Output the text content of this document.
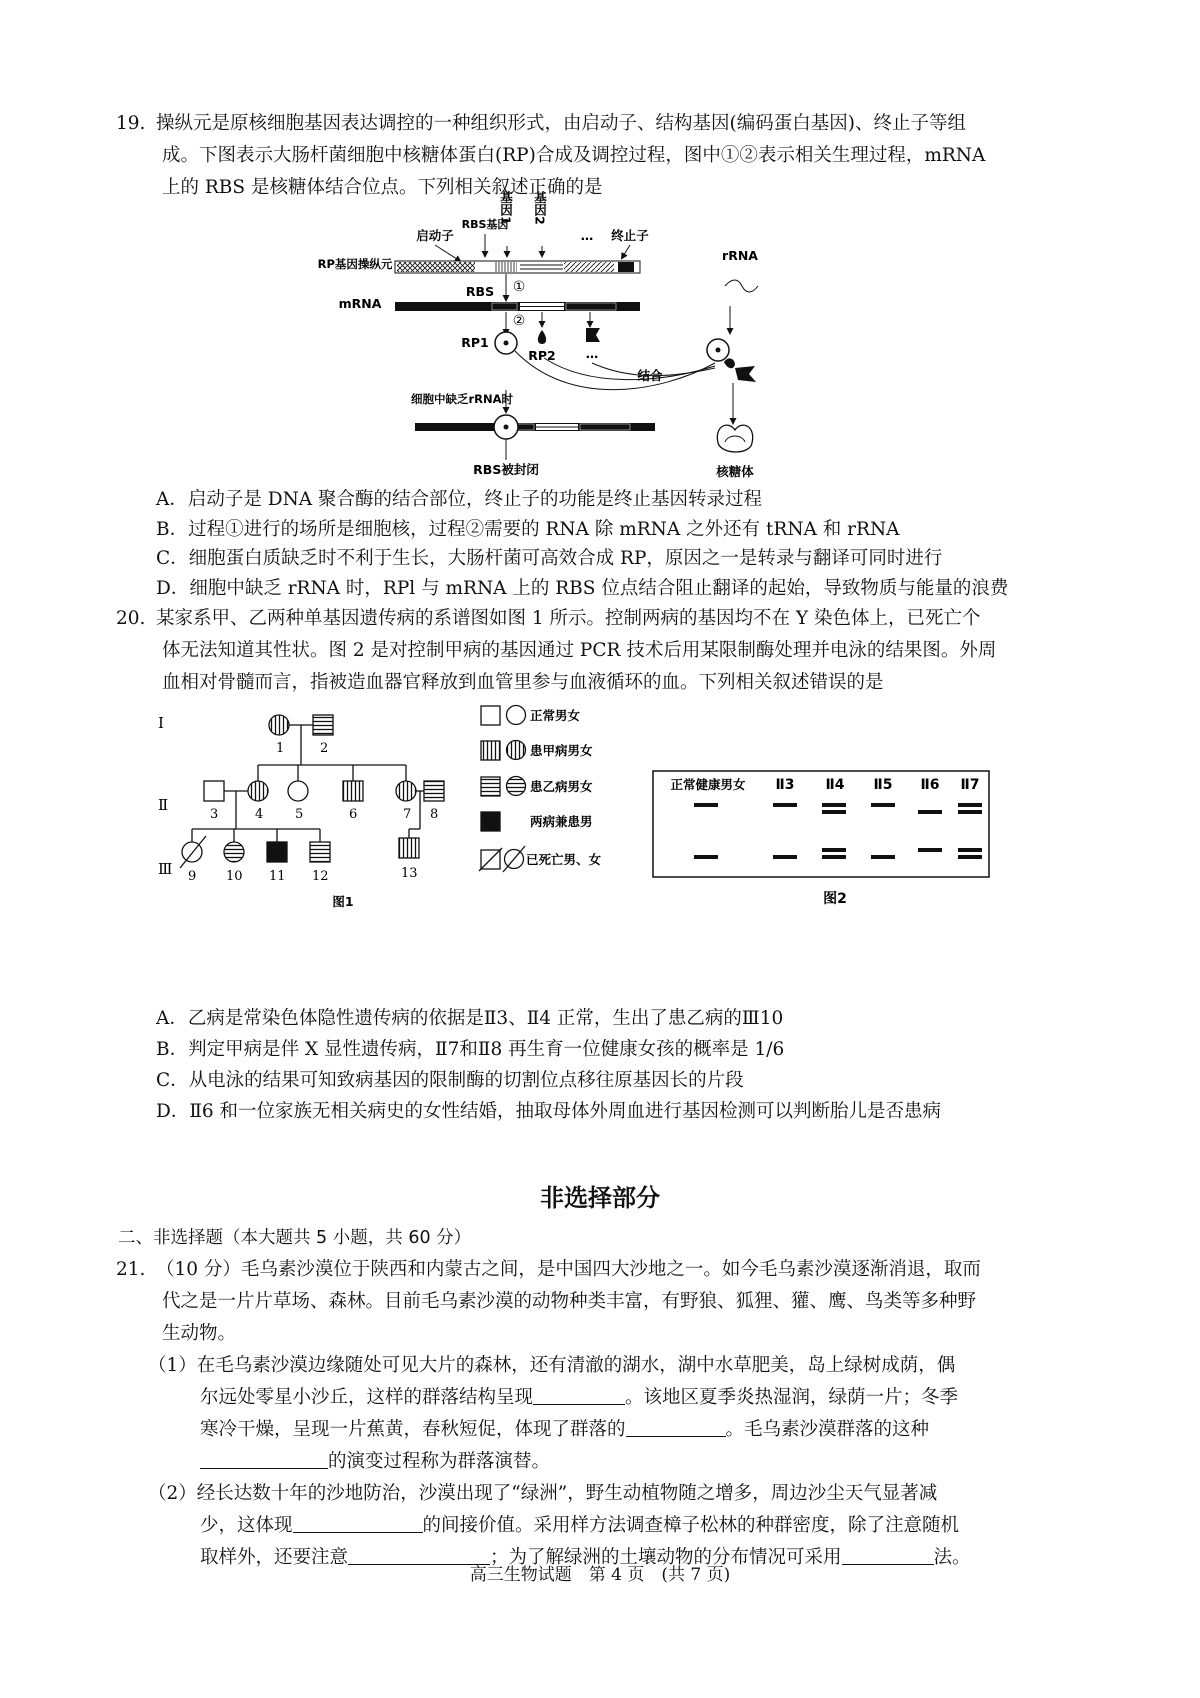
19. 操纵元是原核细胞基因表达调控的一种组织形式，由启动子、结构基因(编码蛋白基因)、终止子等组
成。下图表示大肠杆菌细胞中核糖体蛋白(RP)合成及调控过程，图中①②表示相关生理过程，mRNA
上的 RBS 是核糖体结合位点。下列相关叙述正确的是
基因1 基因2
RBS基因
启动子	… 终止子
RP基因操纵元
mRNA
RBS ①
②
RP1
RP2 …
结合
rRNA
核糖体
细胞中缺乏rRNA时
RBS被封闭
A．启动子是 DNA 聚合酶的结合部位，终止子的功能是终止基因转录过程
B．过程①进行的场所是细胞核，过程②需要的 RNA 除 mRNA 之外还有 tRNA 和 rRNA
C．细胞蛋白质缺乏时不利于生长，大肠杆菌可高效合成 RP，原因之一是转录与翻译可同时进行
D．细胞中缺乏 rRNA 时，RPl 与 mRNA 上的 RBS 位点结合阻止翻译的起始，导致物质与能量的浪费
20. 某家系甲、乙两种单基因遗传病的系谱图如图 1 所示。控制两病的基因均不在 Y 染色体上，已死亡个
体无法知道其性状。图 2 是对控制甲病的基因通过 PCR 技术后用某限制酶处理并电泳的结果图。外周
血相对骨髓而言，指被造血器官释放到血管里参与血液循环的血。下列相关叙述错误的是
Ⅰ
Ⅱ
Ⅲ
1	2
3	4 5	6	7 8
9 10 11 12	13
图1
正常男女
患甲病男女
患乙病男女
两病兼患男
已死亡男、女
正常健康男女 Ⅱ3 Ⅱ4 Ⅱ5 Ⅱ6 Ⅱ7
图2
A．乙病是常染色体隐性遗传病的依据是Ⅱ3、Ⅱ4 正常，生出了患乙病的Ⅲ10
B．判定甲病是伴 X 显性遗传病，Ⅱ7和Ⅱ8 再生育一位健康女孩的概率是 1/6
C．从电泳的结果可知致病基因的限制酶的切割位点移往原基因长的片段
D．Ⅱ6 和一位家族无相关病史的女性结婚，抽取母体外周血进行基因检测可以判断胎儿是否患病
非选择部分
二、非选择题（本大题共 5 小题，共 60 分）
21. （10 分）毛乌素沙漠位于陕西和内蒙古之间，是中国四大沙地之一。如今毛乌素沙漠逐渐消退，取而
代之是一片片草场、森林。目前毛乌素沙漠的动物种类丰富，有野狼、狐狸、獾、鹰、鸟类等多种野
生动物。
（1）在毛乌素沙漠边缘随处可见大片的森林，还有清澈的湖水，湖中水草肥美，岛上绿树成荫，偶
尔远处零星小沙丘，这样的群落结构呈现	。该地区夏季炎热湿润，绿荫一片；冬季
寒冷干燥，呈现一片蕉黄，春秋短促，体现了群落的	。毛乌素沙漠群落的这种
的演变过程称为群落演替。
（2）经长达数十年的沙地防治，沙漠出现了“绿洲”，野生动植物随之增多，周边沙尘天气显著减
少，这体现	的间接价值。采用样方法调查樟子松林的种群密度，除了注意随机
取样外，还要注意	；为了解绿洲的土壤动物的分布情况可采用	法。
高三生物试题　第 4 页　(共 7 页)
